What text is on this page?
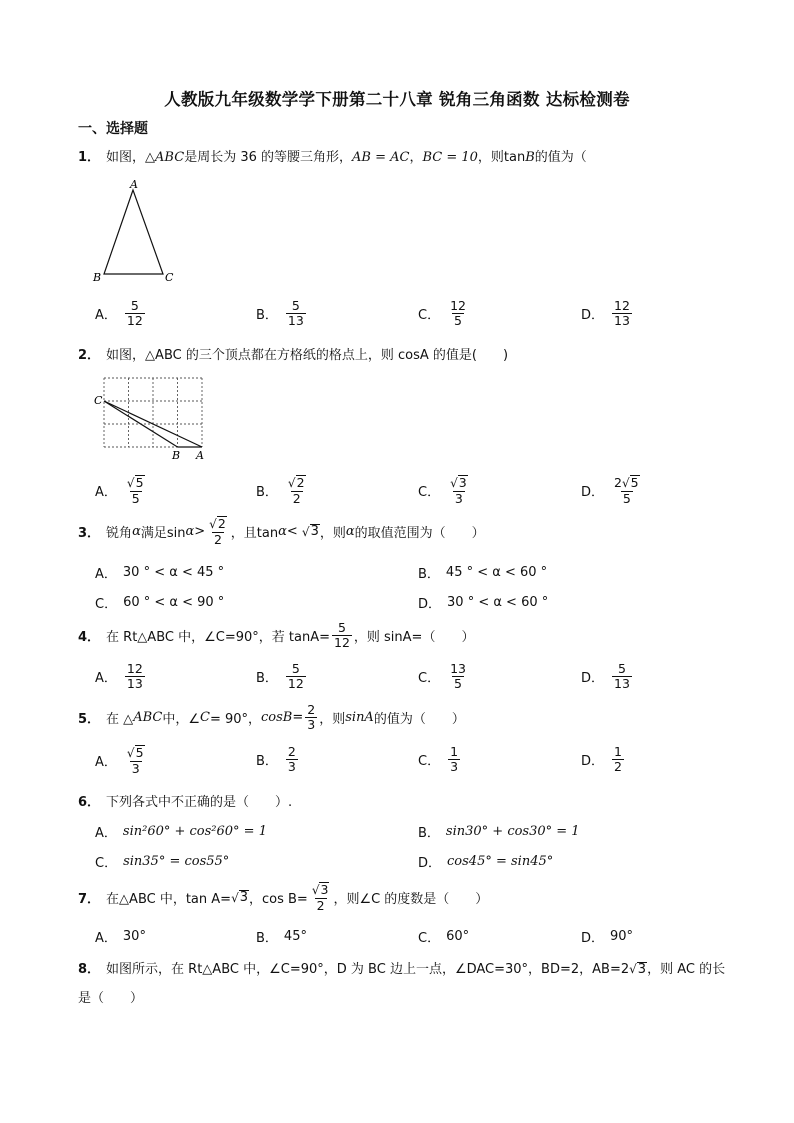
人教版九年级数学学下册第二十八章 锐角三角函数 达标检测卷
一、选择题
1． 如图，△ABC是周长为 36 的等腰三角形，AB = AC，BC = 10，则tanB的值为（
A
B	C
A． $\frac{5}{12}$	B． $\frac{5}{13}$	C． $\frac{12}{5}$	D． $\frac{12}{13}$
2． 如图，△ABC 的三个顶点都在方格纸的格点上，则 cosA 的值是(　　)
C
B A
A． $\frac{√5}{5}$	B． $\frac{√2}{2}$	C． $\frac{√3}{3}$	D． $\frac{2√5}{5}$
3． 锐角 α 满足$\sin \alpha > \frac{√2}{2}$ ，且tan α <
√ 3 ，则 α 的取值范围为（　　）
A． 30 ° < α < 45 °	B． 45 ° < α < 60 °
C． 60 ° < α < 90 °	D． 30 ° < α < 60 °
4． 在 Rt△ABC 中，∠C=90°，若 $\tan A= \frac{5}{12}$ ，则 sinA=（　　）
A． $\frac{12}{13}$	B． $\frac{5}{12}$	C． $\frac{13}{5}$	D． $\frac{5}{13}$
5． 在 △ ABC 中，∠ C = 90°， $\cos B = \frac{2}{3}$ ，则 sinA 的值为（　　）
A． $\frac{√5}{3}$	B． $\frac{2}{3}$	C． $\frac{1}{3}$	D． $\frac{1}{2}$
6． 下列各式中不正确的是（　　）.
A． sin²60° + cos²60° = 1	B． sin30° + cos30° = 1
C． sin35° = cos55°	D． cos45° = sin45°
7． 在△ABC 中，tan A= √ 3 ，$\cos B= \frac{√3}{2}$ ，则∠C 的度数是（　　）
A． 30°	B． 45°	C． 60°	D． 90°
8． 如图所示，在 Rt△ABC 中，∠C=90°，D 为 BC 边上一点，∠DAC=30°，BD=2，AB=2√3，则 AC 的长
是（　　）
